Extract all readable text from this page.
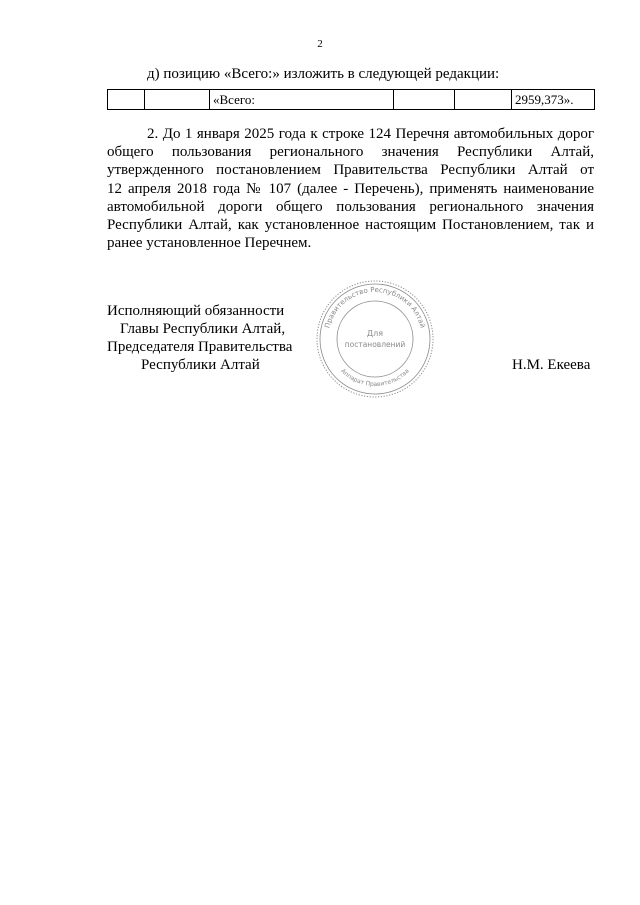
2
д) позицию «Всего:» изложить в следующей редакции:
		«Всего:			2959,373».
2. До 1 января 2025 года к строке 124 Перечня автомобильных дорог
общего пользования регионального значения Республики Алтай,
утвержденного постановлением Правительства Республики Алтай от
12 апреля 2018 года № 107 (далее - Перечень), применять наименование
автомобильной дороги общего пользования регионального значения
Республики Алтай, как установленное настоящим Постановлением, так и
ранее установленное Перечнем.
Исполняющий обязанности
Главы Республики Алтай,
Председателя Правительства
Республики Алтай	Н.М. Екеева
Правительство Республики Алтай
Аппарат Правительства
Для
постановлений
